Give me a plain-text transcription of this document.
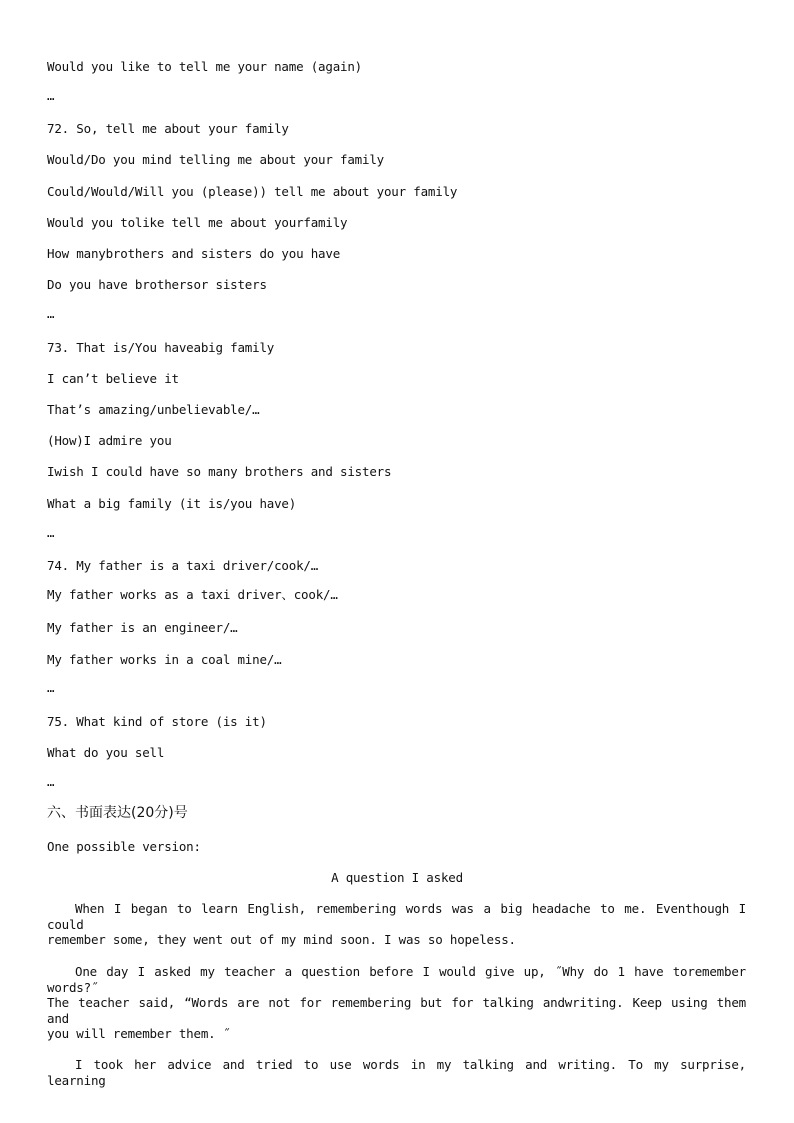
Would you like to tell me your name (again)
…
72. So, tell me about your family
Would/Do you mind telling me about your family
Could/Would/Will you (please)) tell me about your family
Would you tolike tell me about yourfamily
How manybrothers and sisters do you have
Do you have brothersor sisters
…
73. That is/You haveabig family
I can’t believe it
That’s amazing/unbelievable/…
(How)I admire you
Iwish I could have so many brothers and sisters
What a big family (it is/you have)
…
74. My father is a taxi driver/cook/…
My father works as a taxi driver、cook/…
My father is an engineer/…
My father works in a coal mine/…
…
75. What kind of store (is it)
What do you sell
…
六、书面表达(20分)号
One possible version:
A question I asked
When I began to learn English, remembering words was a big headache to me. Eventhough I could
remember some, they went out of my mind soon. I was so hopeless.
One day I asked my teacher a question before I would give up, ˝Why do 1 have toremember words?˝
The teacher said, “Words are not for remembering but for talking andwriting. Keep using them and
you will remember them. ˝
I took her advice and tried to use words in my talking and writing. To my surprise, learning
